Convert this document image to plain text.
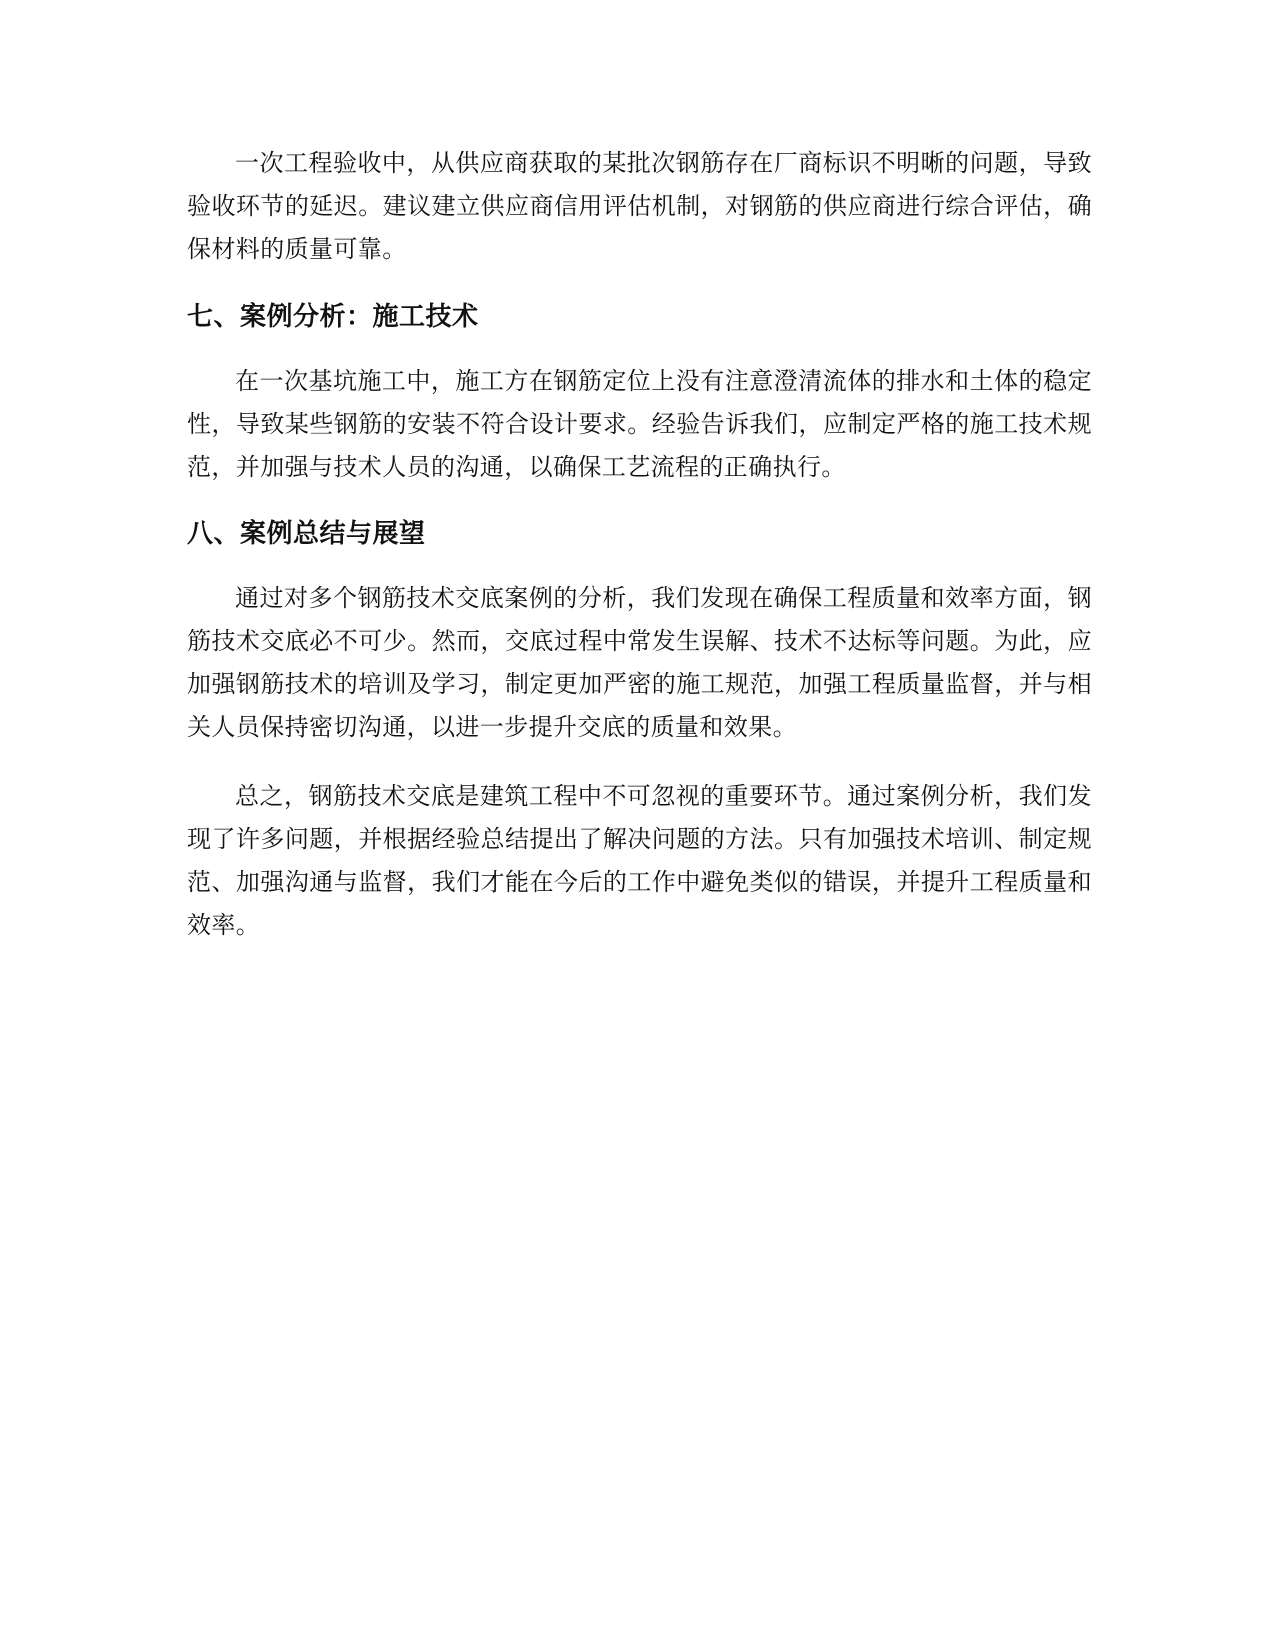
一次工程验收中，从供应商获取的某批次钢筋存在厂商标识不明晰的问题，导致验收环节的延迟。建议建立供应商信用评估机制，对钢筋的供应商进行综合评估，确保材料的质量可靠。

七、案例分析：施工技术

在一次基坑施工中，施工方在钢筋定位上没有注意澄清流体的排水和土体的稳定性，导致某些钢筋的安装不符合设计要求。经验告诉我们，应制定严格的施工技术规范，并加强与技术人员的沟通，以确保工艺流程的正确执行。

八、案例总结与展望

通过对多个钢筋技术交底案例的分析，我们发现在确保工程质量和效率方面，钢筋技术交底必不可少。然而，交底过程中常发生误解、技术不达标等问题。为此，应加强钢筋技术的培训及学习，制定更加严密的施工规范，加强工程质量监督，并与相关人员保持密切沟通，以进一步提升交底的质量和效果。

总之，钢筋技术交底是建筑工程中不可忽视的重要环节。通过案例分析，我们发现了许多问题，并根据经验总结提出了解决问题的方法。只有加强技术培训、制定规范、加强沟通与监督，我们才能在今后的工作中避免类似的错误，并提升工程质量和效率。
